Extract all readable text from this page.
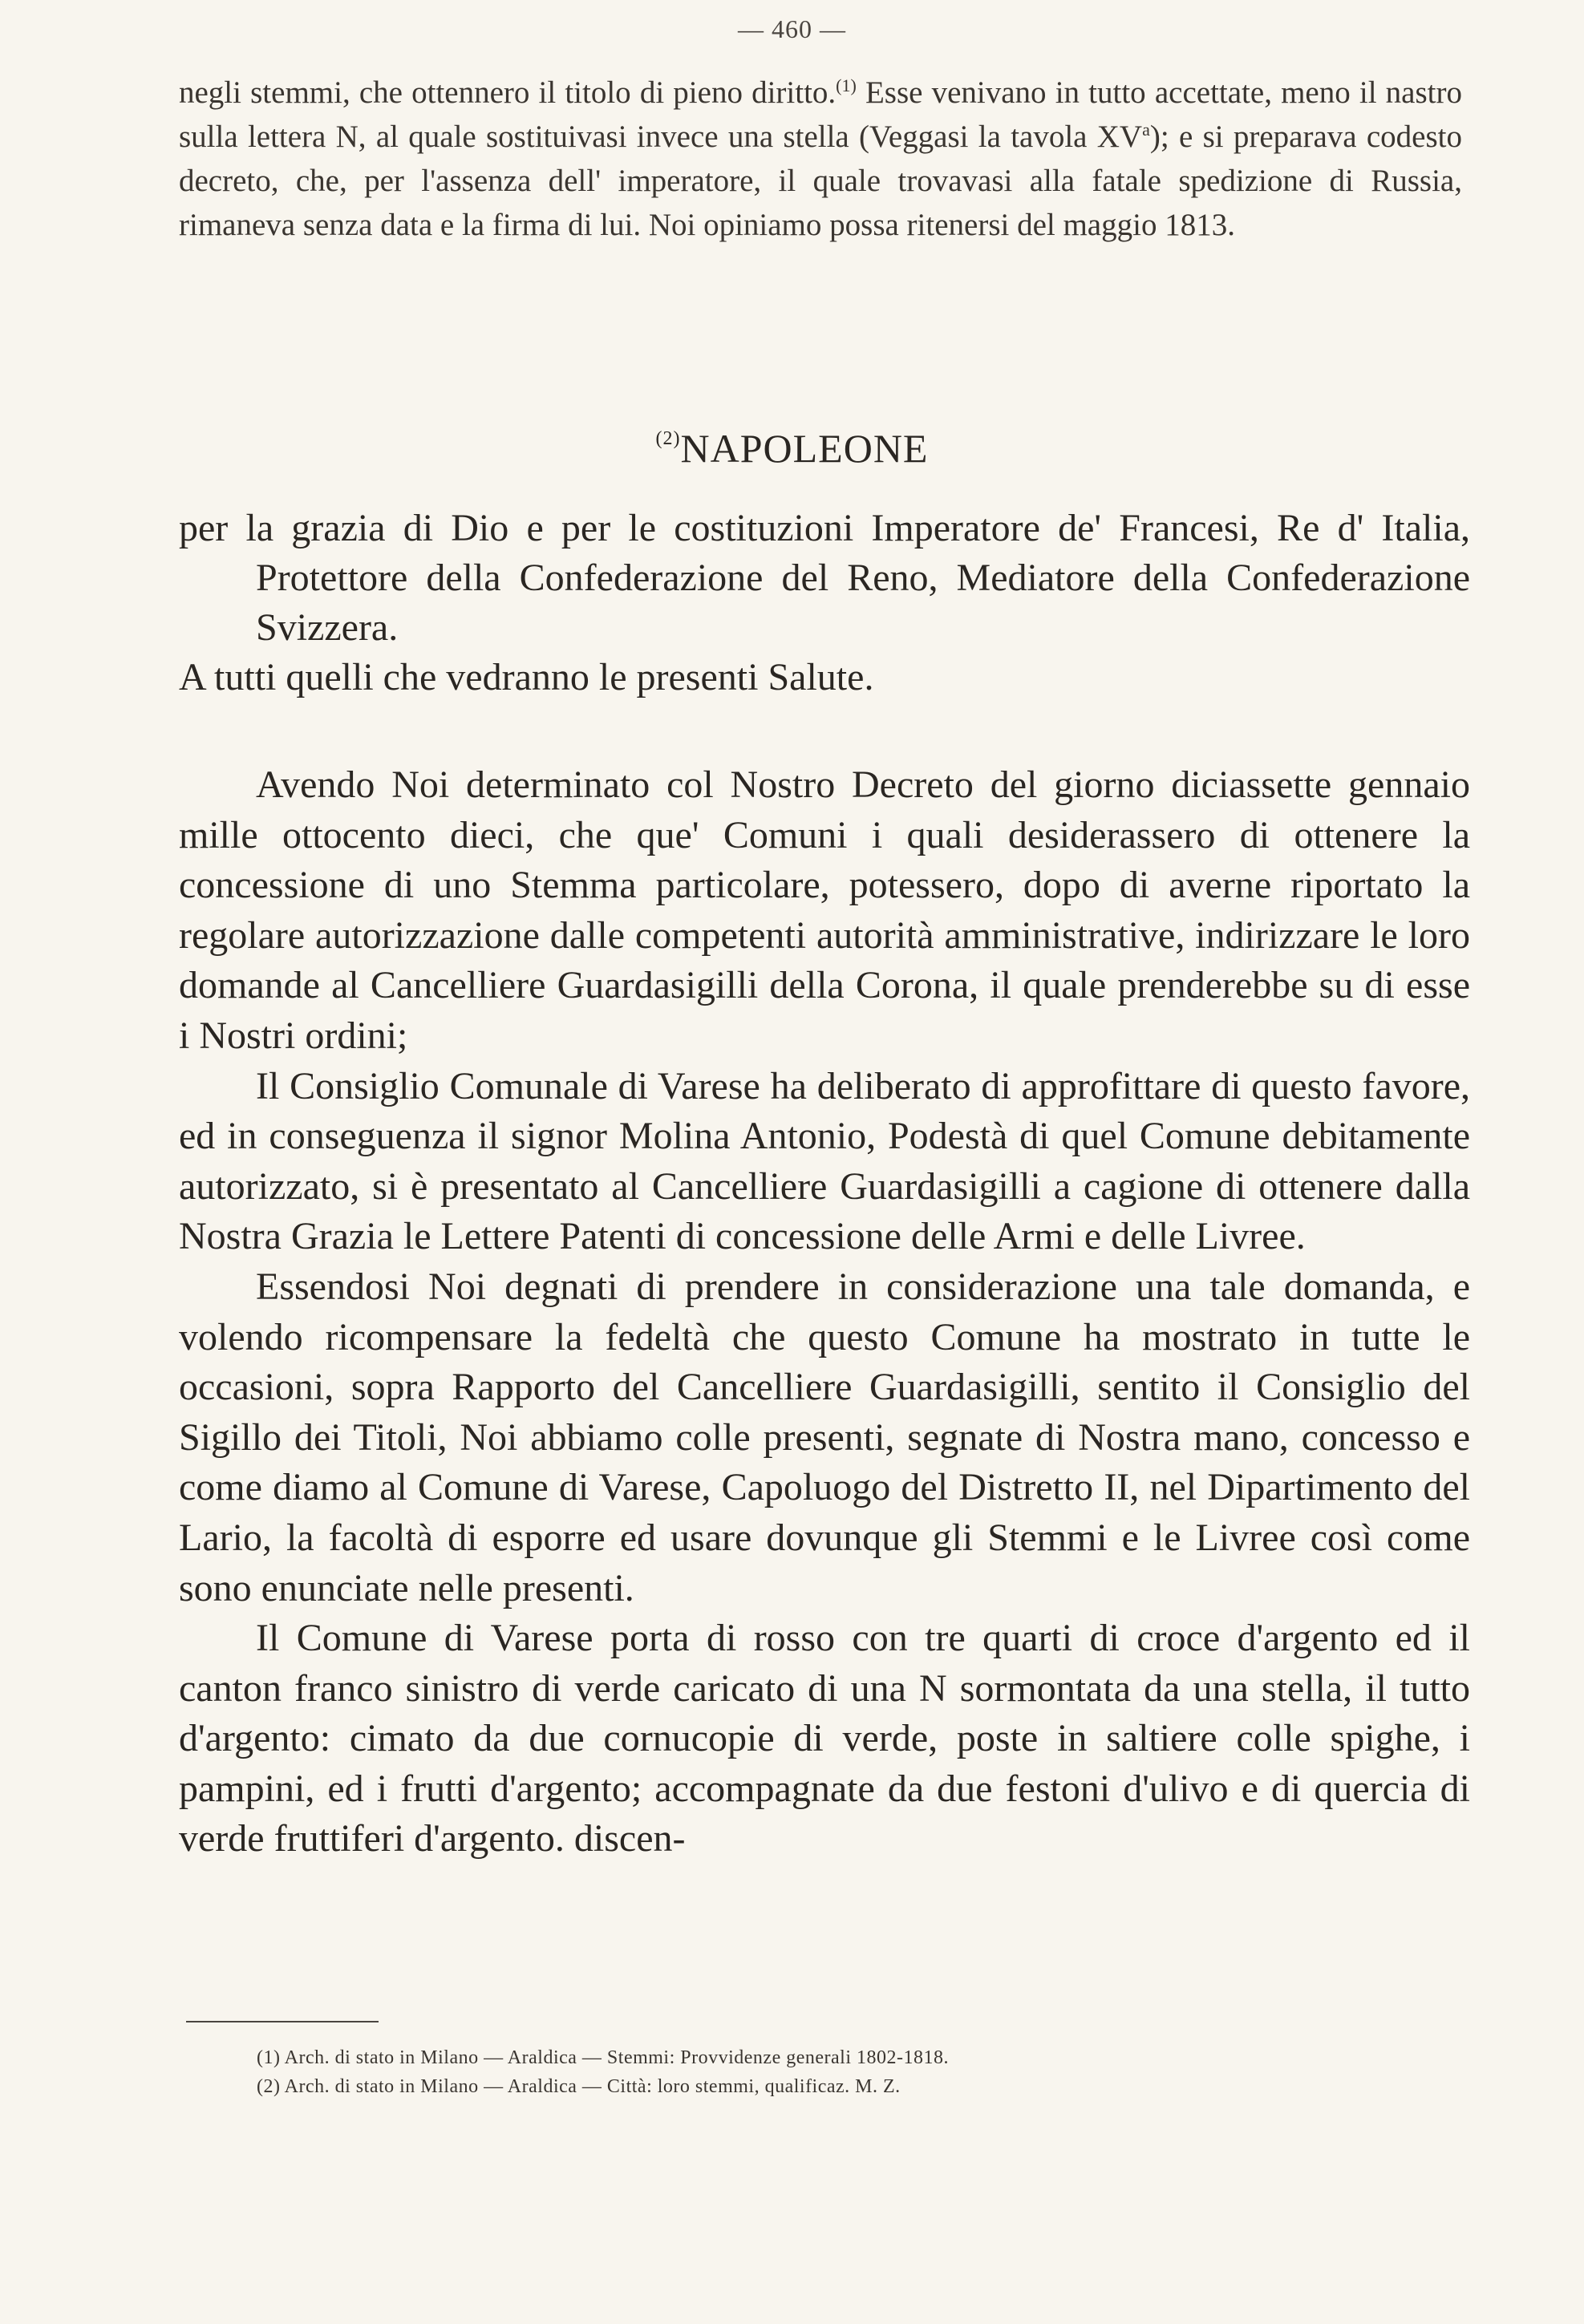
— 460 —
negli stemmi, che ottennero il titolo di pieno diritto.$^{(1)}$ Esse venivano in tutto accettate, meno il nastro sulla lettera N, al quale sostituivasi invece una stella (Veggasi la tavola $XV^a$); e si preparava codesto decreto, che, per l'assenza dell' imperatore, il quale trovavasi alla fatale spedizione di Russia, rimaneva senza data e la firma di lui. Noi opiniamo possa ritenersi del maggio 1813.
$^{(2)}$NAPOLEONE
per la grazia di Dio e per le costituzioni Imperatore de' Francesi, Re d' Italia, Protettore della Confederazione del Reno, Mediatore della Confederazione Svizzera.
A tutti quelli che vedranno le presenti Salute.

Avendo Noi determinato col Nostro Decreto del giorno diciassette gennaio mille ottocento dieci, che que' Comuni i quali desiderassero di ottenere la concessione di uno Stemma particolare, potessero, dopo di averne riportato la regolare autorizzazione dalle competenti autorità amministrative, indirizzare le loro domande al Cancelliere Guardasigilli della Corona, il quale prenderebbe su di esse i Nostri ordini;

Il Consiglio Comunale di Varese ha deliberato di approfittare di questo favore, ed in conseguenza il signor Molina Antonio, Podestà di quel Comune debitamente autorizzato, si è presentato al Cancelliere Guardasigilli a cagione di ottenere dalla Nostra Grazia le Lettere Patenti di concessione delle Armi e delle Livree.

Essendosi Noi degnati di prendere in considerazione una tale domanda, e volendo ricompensare la fedeltà che questo Comune ha mostrato in tutte le occasioni, sopra Rapporto del Cancelliere Guardasigilli, sentito il Consiglio del Sigillo dei Titoli, Noi abbiamo colle presenti, segnate di Nostra mano, concesso e come diamo al Comune di Varese, Capoluogo del Distretto II, nel Dipartimento del Lario, la facoltà di esporre ed usare dovunque gli Stemmi e le Livree così come sono enunciate nelle presenti.

Il Comune di Varese porta di rosso con tre quarti di croce d'argento ed il canton franco sinistro di verde caricato di una N sormontata da una stella, il tutto d'argento: cimato da due cornucopie di verde, poste in saltiere colle spighe, i pampini, ed i frutti d'argento; accompagnate da due festoni d'ulivo e di quercia di verde fruttiferi d'argento. discen-

(1) Arch. di stato in Milano — Araldica — Stemmi: Provvidenze generali 1802-1818.

(2) Arch. di stato in Milano — Araldica — Città: loro stemmi, qualificaz. M. Z.
